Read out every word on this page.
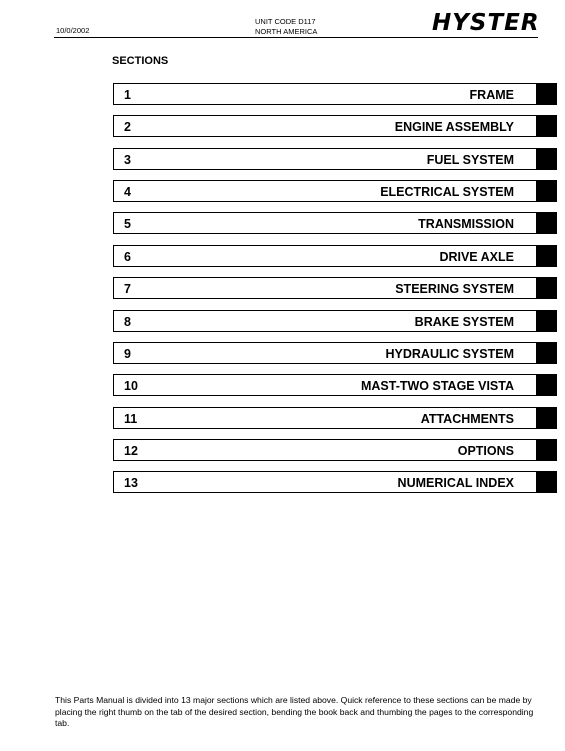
10/0/2002
UNIT CODE D117
NORTH AMERICA	HYSTER
SECTIONS
1	FRAME
2	ENGINE ASSEMBLY
3	FUEL SYSTEM
4	ELECTRICAL SYSTEM
5	TRANSMISSION
6	DRIVE AXLE
7	STEERING SYSTEM
8	BRAKE SYSTEM
9	HYDRAULIC SYSTEM
10	MAST-TWO STAGE VISTA
11	ATTACHMENTS
12	OPTIONS
13	NUMERICAL INDEX
This Parts Manual is divided into 13 major sections which are listed above. Quick reference to these sections can be made by placing the right thumb on the tab of the desired section, bending the book back and thumbing the pages to the corresponding tab.
